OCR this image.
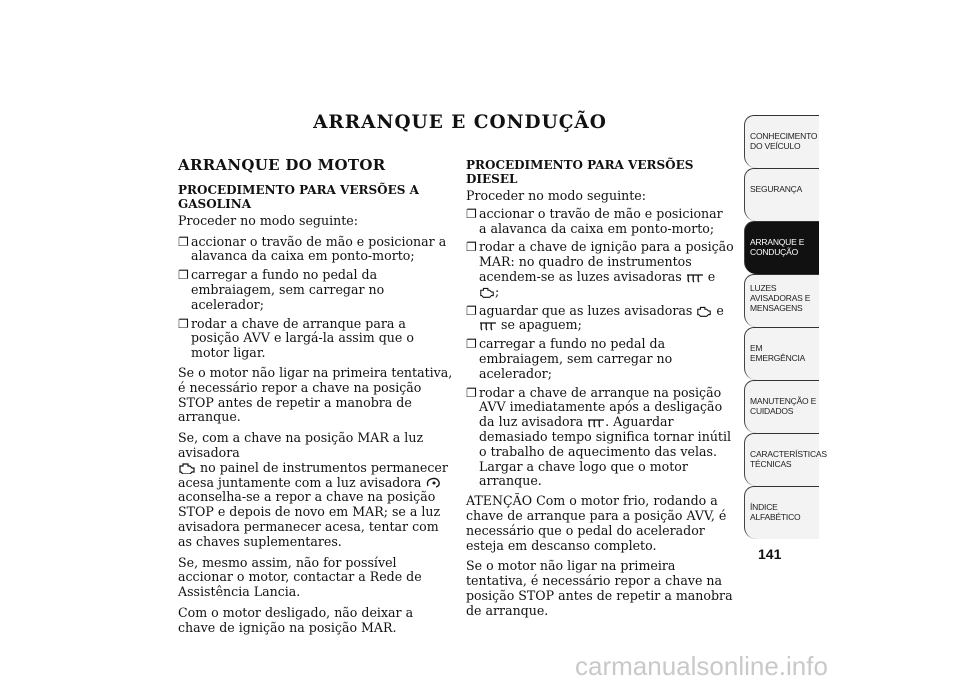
ARRANQUE E CONDUÇÃO
ARRANQUE DO MOTOR
PROCEDIMENTO PARA VERSÕES A GASOLINA

Proceder no modo seguinte:

❐ accionar o travão de mão e posicionar a alavanca da caixa em ponto-morto;
❐ carregar a fundo no pedal da embraiagem, sem carregar no acelerador;
❐ rodar a chave de arranque para a posição AVV e largá-la assim que o motor ligar.

Se o motor não ligar na primeira tentativa, é necessário repor a chave na posição STOP antes de repetir a manobra de arranque.

Se, com a chave na posição MAR a luz avisadora
no painel de instrumentos permanecer acesa juntamente com a luz avisadora  aconselha-se a repor a chave na posição STOP e depois de novo em MAR; se a luz avisadora permanecer acesa, tentar com as chaves suplementares.

Se, mesmo assim, não for possível accionar o motor, contactar a Rede de Assistência Lancia.

Com o motor desligado, não deixar a chave de ignição na posição MAR.

PROCEDIMENTO PARA VERSÕES DIESEL

Proceder no modo seguinte:

❐ accionar o travão de mão e posicionar a alavanca da caixa em ponto-morto;
❐ rodar a chave de ignição para a posição MAR: no quadro de instrumentos acendem-se as luzes avisadoras e ;
❐ aguardar que as luzes avisadoras e  se apaguem;
❐ carregar a fundo no pedal da embraiagem, sem carregar no acelerador;
❐ rodar a chave de arranque na posição AVV imediatamente após a desligação da luz avisadora . Aguardar demasiado tempo significa tornar inútil o trabalho de aquecimento das velas. Largar a chave logo que o motor arranque.

ATENÇÃO Com o motor frio, rodando a chave de arranque para a posição AVV, é necessário que o pedal do acelerador esteja em descanso completo.

Se o motor não ligar na primeira tentativa, é necessário repor a chave na posição STOP antes de repetir a manobra de arranque.

CONHECIMENTO DO VEÍCULO
SEGURANÇA
ARRANQUE E CONDUÇÃO
LUZES AVISADORAS E MENSAGENS
EM EMERGÊNCIA
MANUTENÇÃO E CUIDADOS
CARACTERÍSTICAS TÉCNICAS
ÍNDICE ALFABÉTICO
141
carmanualsonline.info
